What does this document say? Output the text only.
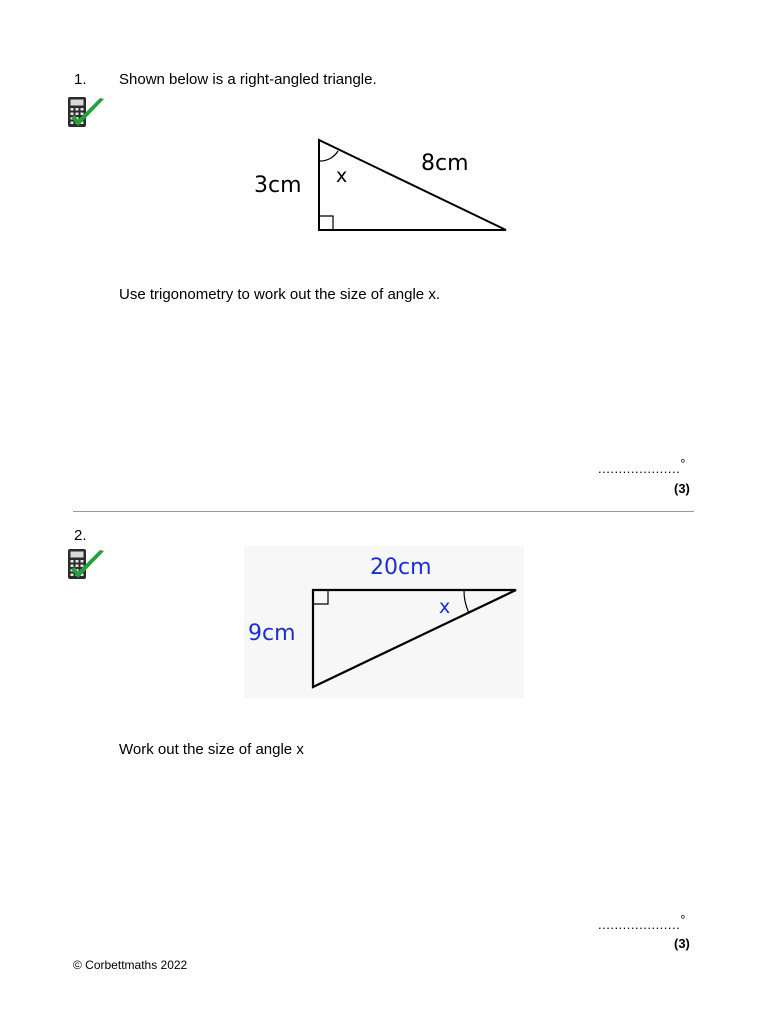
1. Shown below is a right-angled triangle.
3cm
8cm
x
Use trigonometry to work out the size of angle x.
....................°
(3)
2.
20cm
9cm
x
Work out the size of angle x
....................°
(3)
© Corbettmaths 2022
